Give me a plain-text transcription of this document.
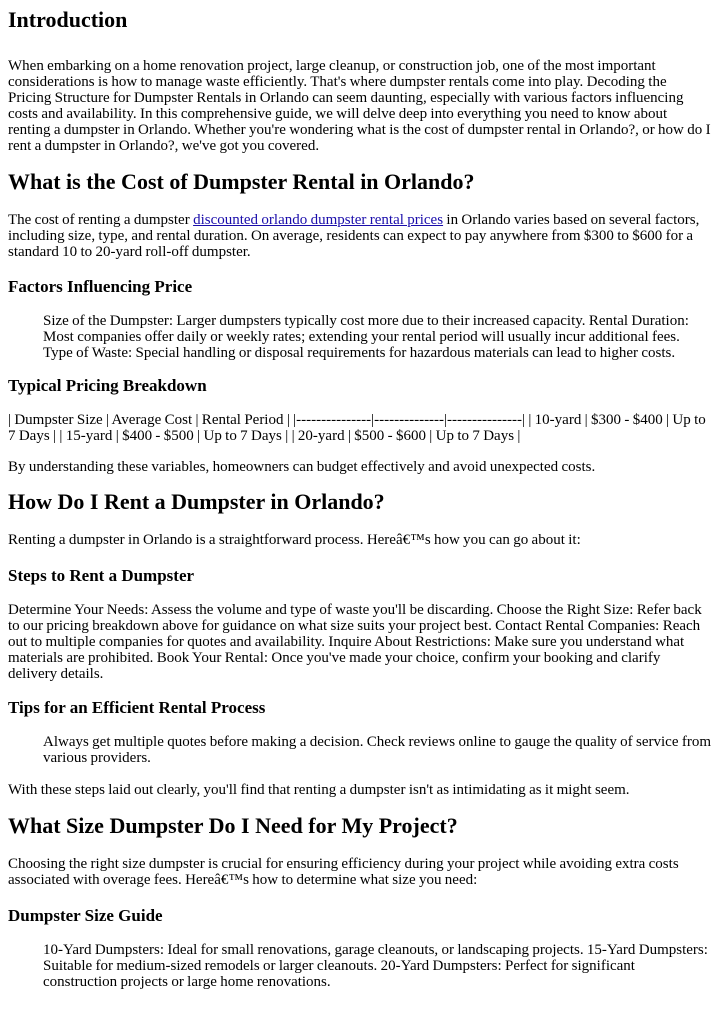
Introduction

When embarking on a home renovation project, large cleanup, or construction job, one of the most important considerations is how to manage waste efficiently. That's where dumpster rentals come into play. Decoding the Pricing Structure for Dumpster Rentals in Orlando can seem daunting, especially with various factors influencing costs and availability. In this comprehensive guide, we will delve deep into everything you need to know about renting a dumpster in Orlando. Whether you're wondering what is the cost of dumpster rental in Orlando?, or how do I rent a dumpster in Orlando?, we've got you covered.

What is the Cost of Dumpster Rental in Orlando?

The cost of renting a dumpster discounted orlando dumpster rental prices in Orlando varies based on several factors, including size, type, and rental duration. On average, residents can expect to pay anywhere from $300 to $600 for a standard 10 to 20-yard roll-off dumpster.

Factors Influencing Price
Size of the Dumpster: Larger dumpsters typically cost more due to their increased capacity. Rental Duration: Most companies offer daily or weekly rates; extending your rental period will usually incur additional fees. Type of Waste: Special handling or disposal requirements for hazardous materials can lead to higher costs.
Typical Pricing Breakdown

| Dumpster Size | Average Cost | Rental Period | |---------------|--------------|---------------| | 10-yard | $300 - $400 | Up to 7 Days | | 15-yard | $400 - $500 | Up to 7 Days | | 20-yard | $500 - $600 | Up to 7 Days |

By understanding these variables, homeowners can budget effectively and avoid unexpected costs.

How Do I Rent a Dumpster in Orlando?

Renting a dumpster in Orlando is a straightforward process. Hereâ€™s how you can go about it:

Steps to Rent a Dumpster

Determine Your Needs: Assess the volume and type of waste you'll be discarding. Choose the Right Size: Refer back to our pricing breakdown above for guidance on what size suits your project best. Contact Rental Companies: Reach out to multiple companies for quotes and availability. Inquire About Restrictions: Make sure you understand what materials are prohibited. Book Your Rental: Once you've made your choice, confirm your booking and clarify delivery details.

Tips for an Efficient Rental Process
Always get multiple quotes before making a decision. Check reviews online to gauge the quality of service from various providers.

With these steps laid out clearly, you'll find that renting a dumpster isn't as intimidating as it might seem.

What Size Dumpster Do I Need for My Project?

Choosing the right size dumpster is crucial for ensuring efficiency during your project while avoiding extra costs associated with overage fees. Hereâ€™s how to determine what size you need:

Dumpster Size Guide
10-Yard Dumpsters: Ideal for small renovations, garage cleanouts, or landscaping projects. 15-Yard Dumpsters: Suitable for medium-sized remodels or larger cleanouts. 20-Yard Dumpsters: Perfect for significant construction projects or large home renovations.
